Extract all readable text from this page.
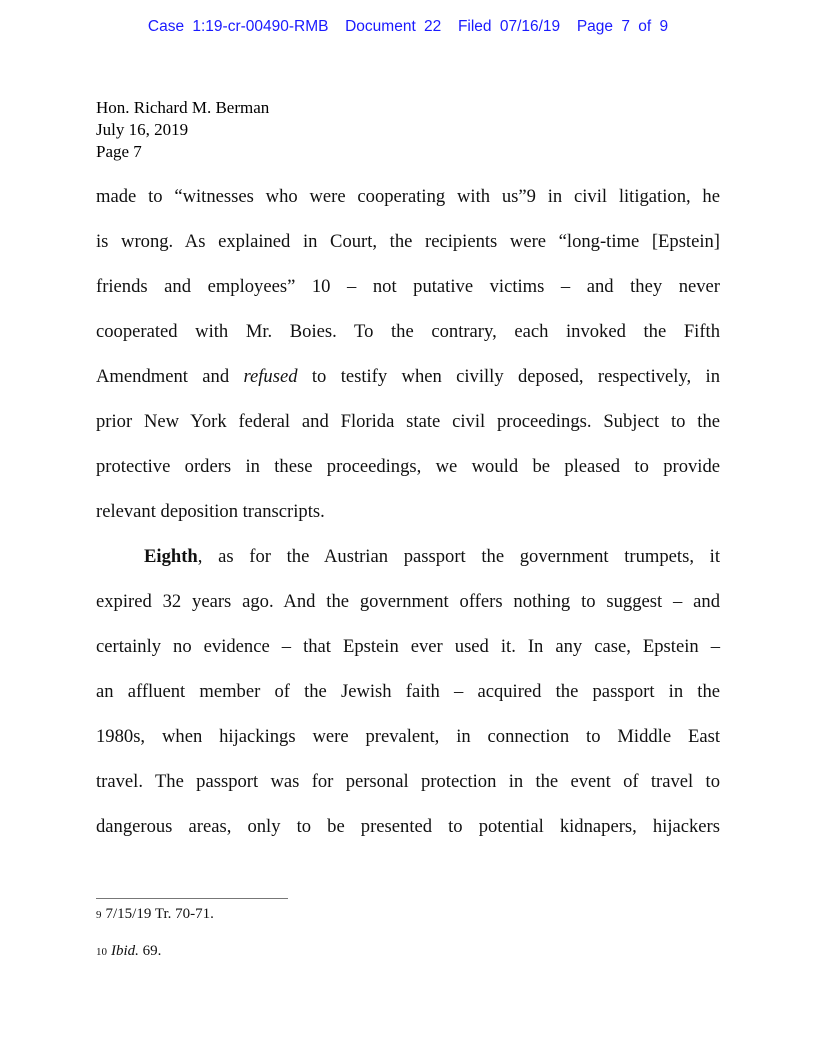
Case 1:19-cr-00490-RMB Document 22 Filed 07/16/19 Page 7 of 9
Hon. Richard M. Berman
July 16, 2019
Page 7
made to “witnesses who were cooperating with us”9 in civil litigation, he
is wrong. As explained in Court, the recipients were “long-time [Epstein]
friends and employees” 10 – not putative victims – and they never
cooperated with Mr. Boies. To the contrary, each invoked the Fifth
Amendment and refused to testify when civilly deposed, respectively, in
prior New York federal and Florida state civil proceedings. Subject to the
protective orders in these proceedings, we would be pleased to provide
relevant deposition transcripts.
Eighth, as for the Austrian passport the government trumpets, it
expired 32 years ago. And the government offers nothing to suggest – and
certainly no evidence – that Epstein ever used it. In any case, Epstein –
an affluent member of the Jewish faith – acquired the passport in the
1980s, when hijackings were prevalent, in connection to Middle East
travel. The passport was for personal protection in the event of travel to
dangerous areas, only to be presented to potential kidnapers, hijackers
9 7/15/19 Tr. 70-71.
10 Ibid. 69.
